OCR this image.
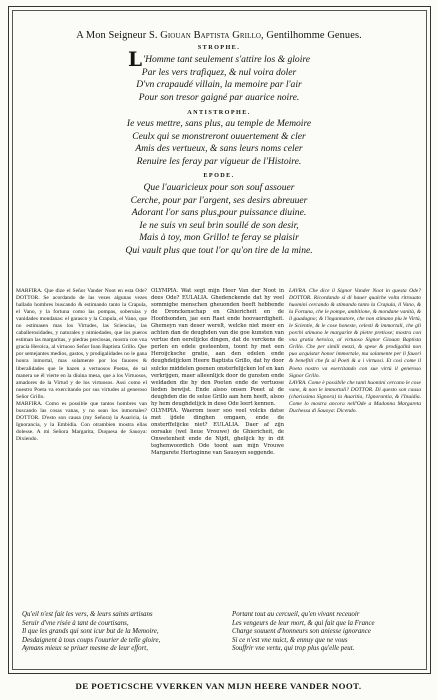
A Mon Seigneur S. Giouan Baptista Grillo, Gentilhomme Genues.
STROPHE.
L'Homme tant seulement s'attire los & gloire
Par les vers trafiquez, & nul voira doler
D'vn crapaudé villain, la memoire par l'air
Pour son tresor gaigné par auarice noire.
ANTISTROPHE.
Ie veus mettre, sans plus, au temple de Memoire
Ceulx qui se monstreront ouuertement & cler
Amis des vertueux, & sans leurs noms celer
Renuire les feray par vigueur de l'Histoire.
EPODE.
Que l'auaricieux pour son souf assouer
Cerche, pour par l'argent, ses desirs abreuuer
Adorant l'or sans plus,pour puissance diuine.
Ie ne suis vn seul brin soullé de son desir,
Mais à toy, mon Grillo! te feray se plaisir
Qui vault plus que tout l'or qu'on tire de la mine.

MARFIRA. Que dize el Señor Vander Noot en esta Ode? DOTTOR. Se acordando de las vezes algunas vezes hallado hombres buscando & estimando tanto la Crapula, el Vano, y la fortuna como las pompas, soberuias y vanidades mondanas: el garasco y la Crapula, el Vano, que no estimasen mas los Virtudes, las Sciencias, las caballerosidades, y naturales y nimiedades, que los pueros estiman las margaritas, y piedras preciosas, mostra con vna gracia Heroica, al virtuoso Señor Ioan Baptista Grillo. Que por semejantes medios, gastos, y prodigalidades no le gana honra inmortal, mas solamente por los fauores & liberalidades que le hazen a vertuosos Poetas, de tal manera ue él vierte en la diuina mesa, que a los Virtuosos, amadores de la Virtud y de los virtuosos. Assi como el nuestro Poeta va exercitando por sus virtudes al generoso Señor Grillo.

MARFIRA. Como es possible que tantos hombres van buscando las cosas vanas, y no sean los inmortales? DOTTOR. D'esto son causa (my Señora) la Auaricia, la Ignorancia, y la Embidia. Con otrambien mostra ellas dolesse. A mi Señora Margarita, Duquesa de Sauoya: Dixiendo.

OLYMPIA. Wat segt mijn Heer Van der Noot in dees Ode? EULALIA. Ghedenckende dat hy veel sommighe menschen gheuonden heeft hebbende de Dronckenschap en Ghiericheit en de Hoofdsonden, jae een Raet ende hoovaerdigheit. Ghemeyn van deser werelt, welcke niet meer en achten dan de deughden van die goe kunsten van vertue den eerelijcke dingen, dat de verckens de perlen en edele gesteenten, toont hy met een Heroijcksche gratie, aan den edelen ende deughdelijcken Heere Baptista Grillo, dat hy door sulcke middelen geenen onsterfelijcken lof en kan verkrijgen, maer alleenlijck door de gunsten ende weldaden die hy den Poeten ende de vertuose lieden bewijst. Ende alsoo onsen Poeet al de deughden die de selue Grillo aan hem heeft, alsoo hy hem deughdelijck in dese Ode leert kennen.

OLYMPIA. Waerom isser soo veel volcks datse met ijdele dinghen omgaen, ende de onsterffelijcke niet? EULALIA. Daer af zijn oorsake (wel lieue Vrouwe) de Ghiericheit, de Onwetenheit ende de Nijdt, ghelijck hy in dit teghenwoordich Ode toont aan mijn Vrouwe Margarete Hertoginne van Sauoyen seggende.

LAVRA. Che dice il Signor Vander Noot in questa Ode? DOTTOR. Ricordando si di hauer qualche volta ritrouato huomini cercando & stimando tanto la Crapula, il Vano, & la Fortuna, che le pompe, ambitione, & mondane vanità, & il guadagno; & l'ingannatore, che non stimano piu le Virtù, le Scientie, & le cose honeste, celesti & immortali, che gli porchi stimano le margarite & pietre pretiose; mostra con vna gratia heroica, al virtuoso Signor Giouan Baptista Grillo. Che per simili mezzi, & spese & prodigalità non puo acquistar honor immortale, ma solamente per li fauori & benefitii che fa ai Poeti & a i virtuosi. Et cosi come il Poeta nostro va esercitando con sue virtù il generoso Signor Grillo.

LAVRA. Come è possibile che tanti huomini cercano le cose vane, & non le immortali? DOTTOR. Di questo son causa (charissima Signora) la Auaritia, l'Ignorantia, & l'Inuidia. Come lo mostra ancora nell'Ode a Madonna Margareta Duchessa di Sauoya: Dicendo.

Qu'eil n'est fait les vers, & leurs saints artisans
Seruir d'vne risée à tant de courtisans,
Il que les grands qui sont icur but de la Memoire,
Desdaignent à tous coups l'ouurier de telle gloire,
Aymans mieux se priuer mesme de leur effort,
Portant tout au cercueil, qu'en vivant receuoir
Les vengeurs de leur mort, & qui fait que la France
Charge souuent d'honneurs son aniesse ignorance
Si ce n'est vne nuict, & ennuy que ne vous
Souffrir vne vertu, qui trop plus qu'elle peut.
DE POETICSCHE VVERKEN VAN MIJN HEERE VANDER NOOT.
